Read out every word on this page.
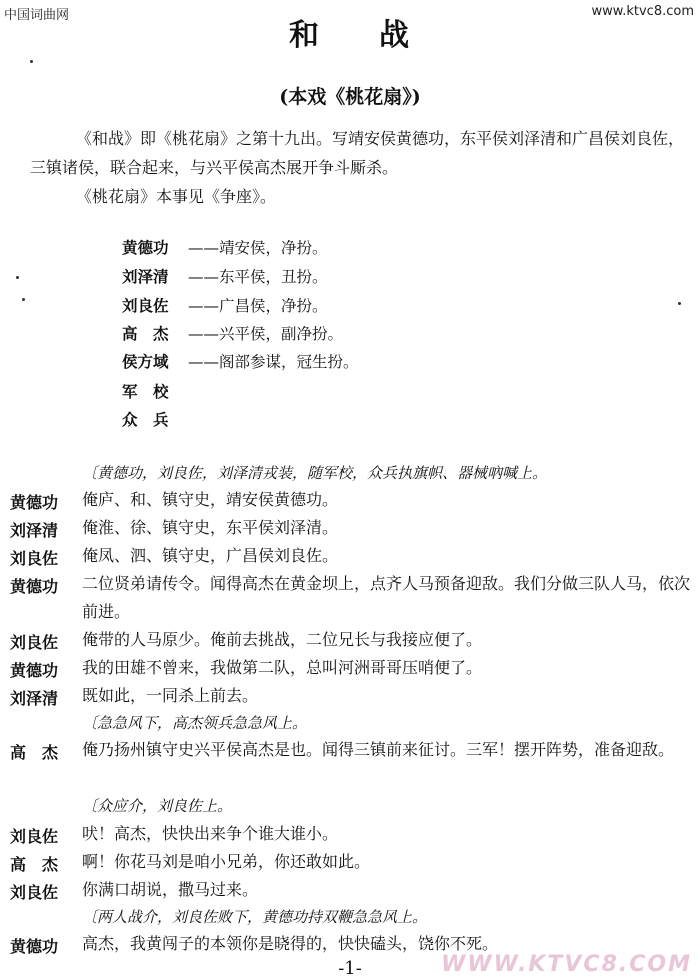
中国词曲网	www.ktvc8.com
和 战
(本戏《桃花扇》)
《和战》即《桃花扇》之第十九出。写靖安侯黄德功，东平侯刘泽清和广昌侯刘良佐，三镇诸侯，联合起来，与兴平侯高杰展开争斗厮杀。
《桃花扇》本事见《争座》。
黄德功 ——靖安侯，净扮。
刘泽清 ——东平侯，丑扮。
刘良佐 ——广昌侯，净扮。
高　杰 ——兴平侯，副净扮。
侯方域 ——阁部参谋，冠生扮。
军　校
众　兵
〔黄德功，刘良佐，刘泽清戎装，随军校，众兵执旗帜、器械吶喊上。
黄德功 俺庐、和、镇守史，靖安侯黄德功。
刘泽清 俺淮、徐、镇守史，东平侯刘泽清。
刘良佐 俺凤、泗、镇守史，广昌侯刘良佐。
黄德功 二位贤弟请传令。闻得高杰在黄金坝上，点齐人马预备迎敌。我们分做三队人马，依次前进。
刘良佐 俺带的人马原少。俺前去挑战，二位兄长与我接应便了。
黄德功 我的田雄不曾来，我做第二队，总叫河洲哥哥压哨便了。
刘泽清 既如此，一同杀上前去。
〔急急风下，高杰领兵急急风上。
高　杰 俺乃扬州镇守史兴平侯高杰是也。闻得三镇前来征讨。三军！摆开阵势，准备迎敌。
〔众应介，刘良佐上。
刘良佐 吠！高杰，快快出来争个谁大谁小。
高　杰 啊！你花马刘是咱小兄弟，你还敢如此。
刘良佐 你满口胡说，撒马过来。
〔两人战介，刘良佐败下，黄德功持双鞭急急风上。
黄德功 高杰，我黄闯子的本领你是晓得的，快快磕头，饶你不死。
-1-	WWW.KTVC8.COM
